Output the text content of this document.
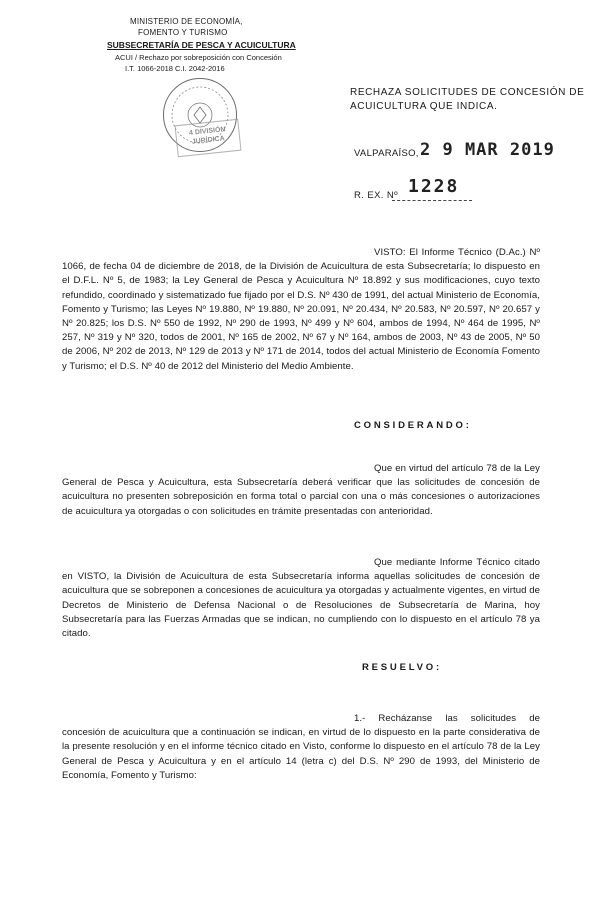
MINISTERIO DE ECONOMÍA,
FOMENTO Y TURISMO
SUBSECRETARÍA DE PESCA Y ACUICULTURA
ACUI / Rechazo por sobreposición con Concesión
I.T. 1066-2018 C.I. 2042-2016
4 DIVISIÓN
JURÍDICA
RECHAZA SOLICITUDES DE CONCESIÓN DE
ACUICULTURA QUE INDICA.
VALPARAÍSO, 2 9 MAR 2019
R. EX. Nº 1228
VISTO: El Informe Técnico (D.Ac.) Nº 1066, de fecha 04 de diciembre de 2018, de la División de Acuicultura de esta Subsecretaría; lo dispuesto en el D.F.L. Nº 5, de 1983; la Ley General de Pesca y Acuicultura Nº 18.892 y sus modificaciones, cuyo texto refundido, coordinado y sistematizado fue fijado por el D.S. Nº 430 de 1991, del actual Ministerio de Economía, Fomento y Turismo; las Leyes Nº 19.880, Nº 19.880, Nº 20.091, Nº 20.434, Nº 20.583, Nº 20.597, Nº 20.657 y Nº 20.825; los D.S. Nº 550 de 1992, Nº 290 de 1993, Nº 499 y Nº 604, ambos de 1994, Nº 464 de 1995, Nº 257, Nº 319 y Nº 320, todos de 2001, Nº 165 de 2002, Nº 67 y Nº 164, ambos de 2003, Nº 43 de 2005, Nº 50 de 2006, Nº 202 de 2013, Nº 129 de 2013 y Nº 171 de 2014, todos del actual Ministerio de Economía Fomento y Turismo; el D.S. Nº 40 de 2012 del Ministerio del Medio Ambiente.
CONSIDERANDO:
Que en virtud del artículo 78 de la Ley General de Pesca y Acuicultura, esta Subsecretaría deberá verificar que las solicitudes de concesión de acuicultura no presenten sobreposición en forma total o parcial con una o más concesiones o autorizaciones de acuicultura ya otorgadas o con solicitudes en trámite presentadas con anterioridad.
Que mediante Informe Técnico citado en VISTO, la División de Acuicultura de esta Subsecretaría informa aquellas solicitudes de concesión de acuicultura que se sobreponen a concesiones de acuicultura ya otorgadas y actualmente vigentes, en virtud de Decretos de Ministerio de Defensa Nacional o de Resoluciones de Subsecretaría de Marina, hoy Subsecretaría para las Fuerzas Armadas que se indican, no cumpliendo con lo dispuesto en el artículo 78 ya citado.
RESUELVO:
1.- Recházanse las solicitudes de concesión de acuicultura que a continuación se indican, en virtud de lo dispuesto en la parte considerativa de la presente resolución y en el informe técnico citado en Visto, conforme lo dispuesto en el artículo 78 de la Ley General de Pesca y Acuicultura y en el artículo 14 (letra c) del D.S. Nº 290 de 1993, del Ministerio de Economía, Fomento y Turismo:
